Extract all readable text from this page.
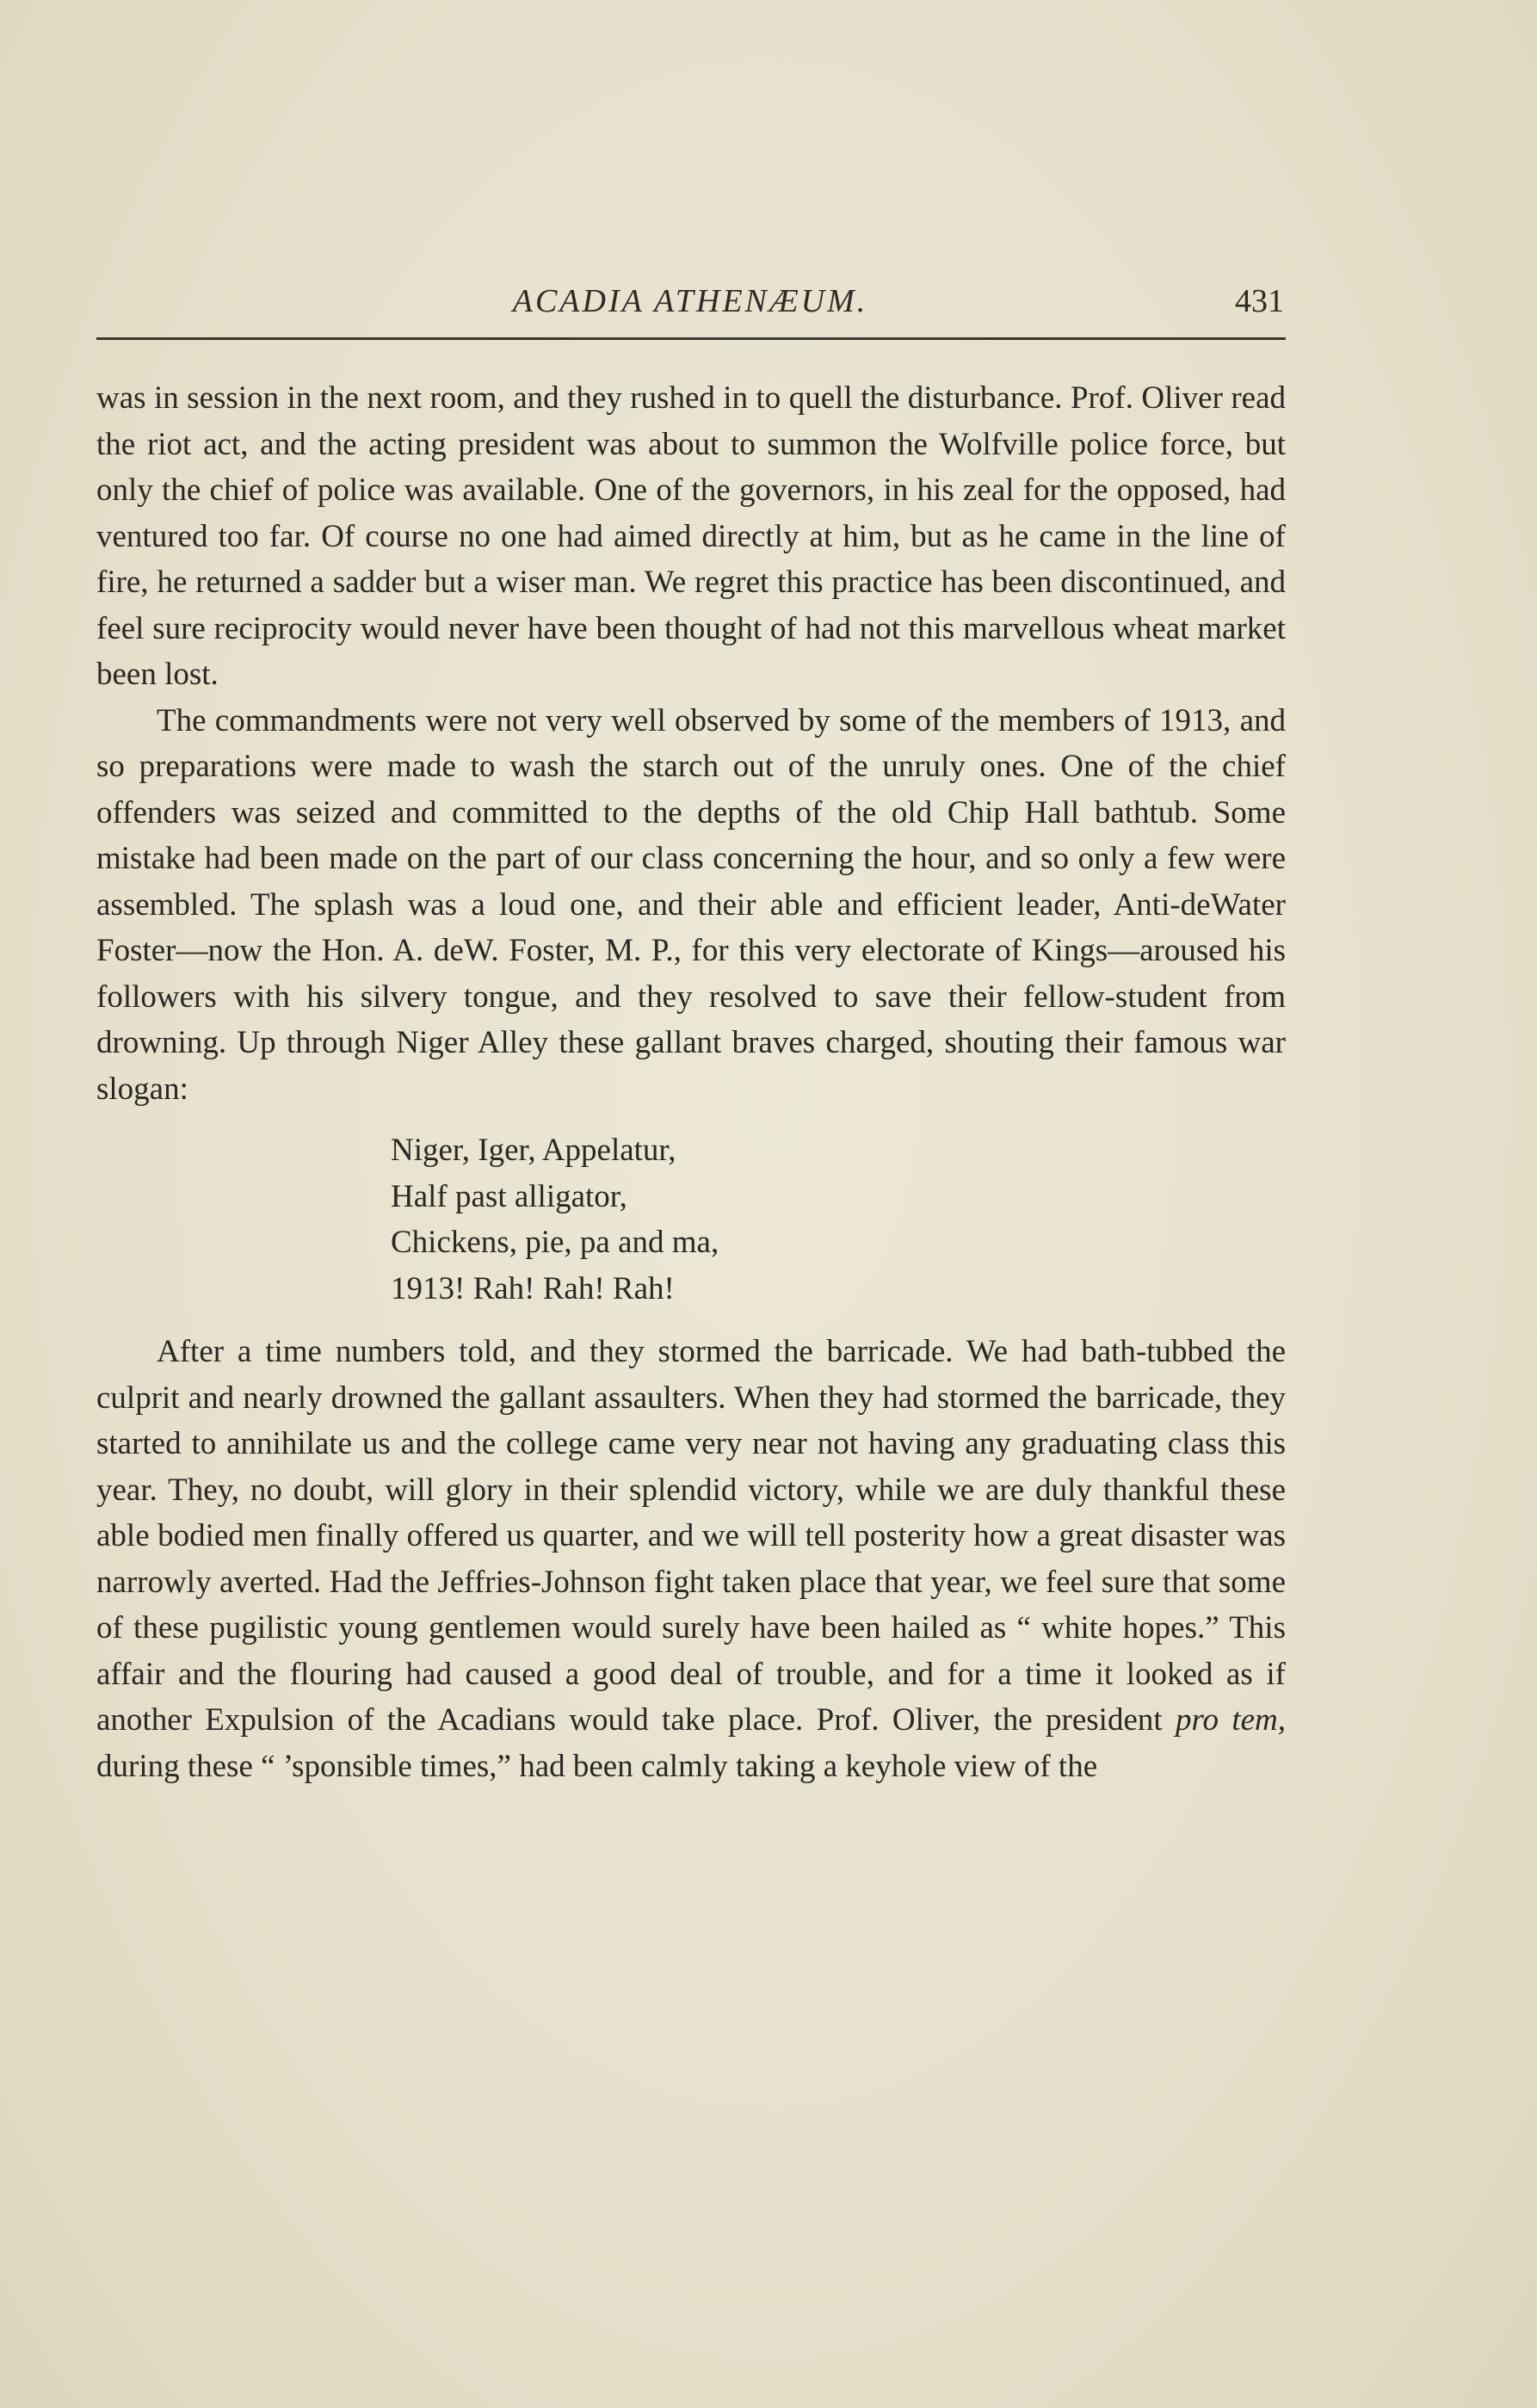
ACADIA ATHENÆUM.	431

was in session in the next room, and they rushed in to quell the disturbance. Prof. Oliver read the riot act, and the acting president was about to summon the Wolfville police force, but only the chief of police was available. One of the governors, in his zeal for the opposed, had ventured too far. Of course no one had aimed directly at him, but as he came in the line of fire, he returned a sadder but a wiser man. We regret this practice has been discontinued, and feel sure reciprocity would never have been thought of had not this marvellous wheat market been lost.

The commandments were not very well observed by some of the members of 1913, and so preparations were made to wash the starch out of the unruly ones. One of the chief offenders was seized and committed to the depths of the old Chip Hall bathtub. Some mistake had been made on the part of our class concerning the hour, and so only a few were assembled. The splash was a loud one, and their able and efficient leader, Anti-deWater Foster—now the Hon. A. deW. Foster, M. P., for this very electorate of Kings—aroused his followers with his silvery tongue, and they resolved to save their fellow-student from drowning. Up through Niger Alley these gallant braves charged, shouting their famous war slogan:

Niger, Iger, Appelatur,
Half past alligator,
Chickens, pie, pa and ma,
1913! Rah! Rah! Rah!

After a time numbers told, and they stormed the barricade. We had bath-tubbed the culprit and nearly drowned the gallant assaulters. When they had stormed the barricade, they started to annihilate us and the college came very near not having any graduating class this year. They, no doubt, will glory in their splendid victory, while we are duly thankful these able bodied men finally offered us quarter, and we will tell posterity how a great disaster was narrowly averted. Had the Jeffries-Johnson fight taken place that year, we feel sure that some of these pugilistic young gentlemen would surely have been hailed as “ white hopes.” This affair and the flouring had caused a good deal of trouble, and for a time it looked as if another Expulsion of the Acadians would take place. Prof. Oliver, the president pro tem, during these “ ’sponsible times,” had been calmly taking a keyhole view of the
